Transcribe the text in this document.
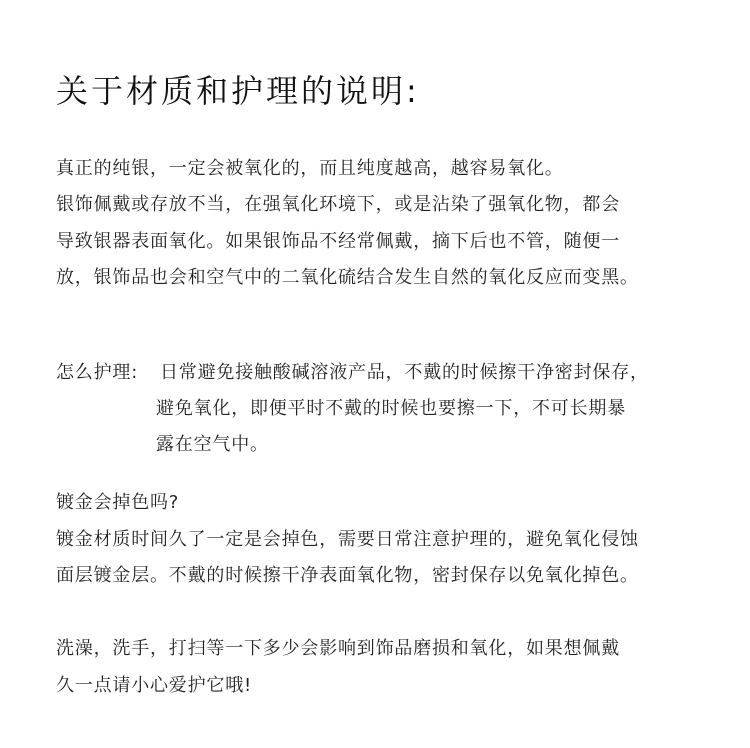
关于材质和护理的说明:
真正的纯银，一定会被氧化的，而且纯度越高，越容易氧化。
银饰佩戴或存放不当，在强氧化环境下，或是沾染了强氧化物，都会
导致银器表面氧化。如果银饰品不经常佩戴，摘下后也不管，随便一
放，银饰品也会和空气中的二氧化硫结合发生自然的氧化反应而变黑。
怎么护理: 日常避免接触酸碱溶液产品，不戴的时候擦干净密封保存，
避免氧化，即便平时不戴的时候也要擦一下，不可长期暴
露在空气中。
镀金会掉色吗?
镀金材质时间久了一定是会掉色，需要日常注意护理的，避免氧化侵蚀
面层镀金层。不戴的时候擦干净表面氧化物，密封保存以免氧化掉色。
洗澡，洗手，打扫等一下多少会影响到饰品磨损和氧化，如果想佩戴
久一点请小心爱护它哦!
